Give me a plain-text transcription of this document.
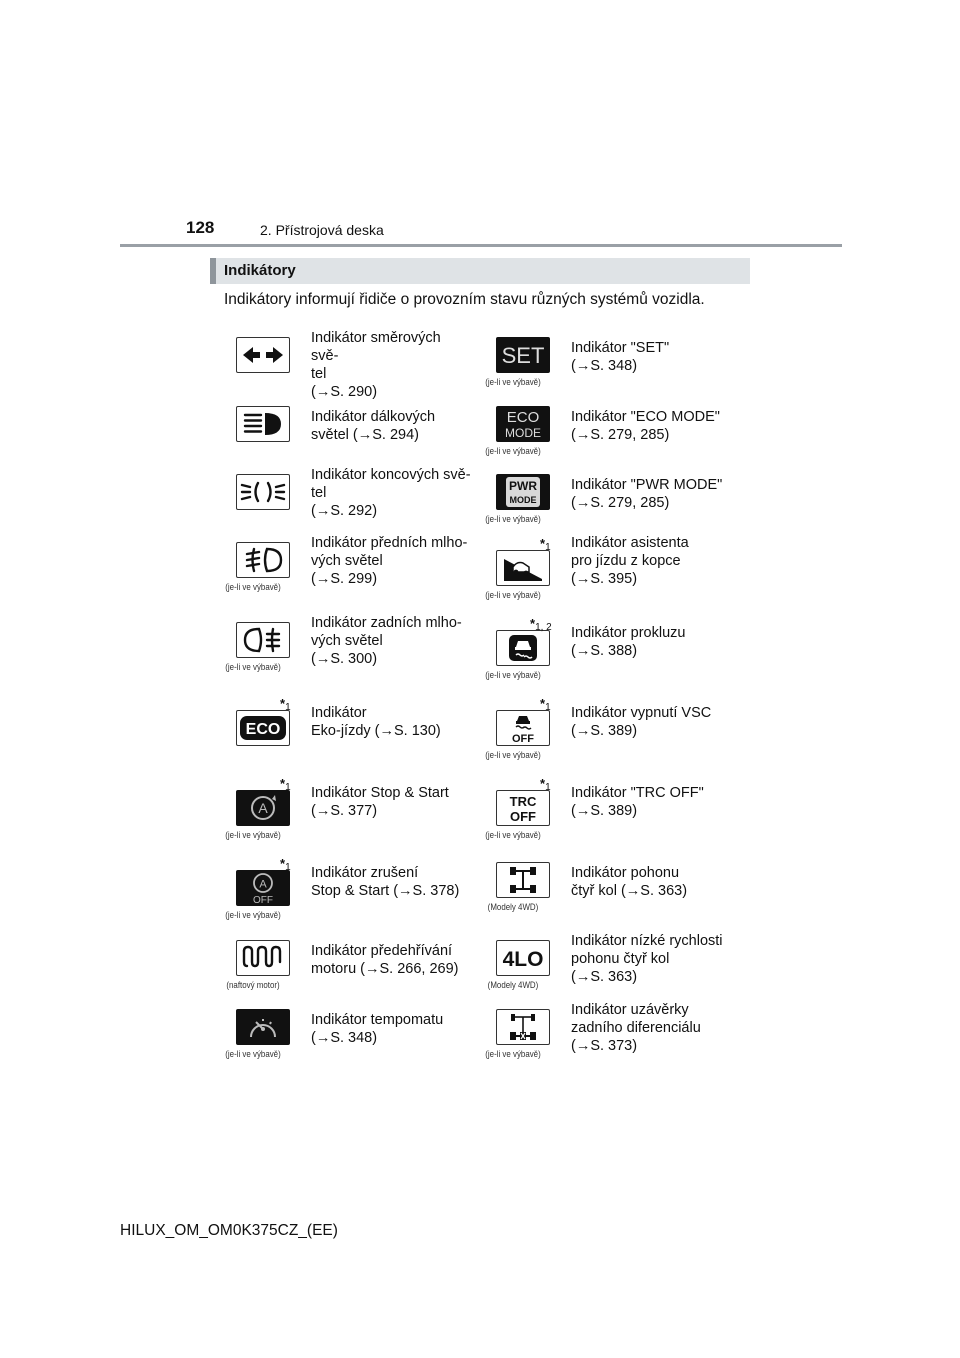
128	2. Přístrojová deska
Indikátory
Indikátory informují řidiče o provozním stavu různých systémů vozidla.
Indikátor směrových svě-
tel
(→S. 290)
Indikátor dálkových
světel (→S. 294)
Indikátor koncových svě-
tel
(→S. 292)
(je-li ve výbavě)
Indikátor předních mlho-
vých světel
(→S. 299)
(je-li ve výbavě)
Indikátor zadních mlho-
vých světel
(→S. 300)
ECO
$*_1$ Indikátor
Eko-jízdy (→S. 130)
A
$*_1$
(je-li ve výbavě)
Indikátor Stop & Start
(→S. 377)
A
OFF
$*_1$
(je-li ve výbavě)
Indikátor zrušení
Stop & Start (→S. 378)
(naftový motor)
Indikátor předehřívání
motoru (→S. 266, 269)
(je-li ve výbavě)
Indikátor tempomatu
(→S. 348)
SET
(je-li ve výbavě)
Indikátor "SET"
(→S. 348)
ECO
MODE
(je-li ve výbavě)
Indikátor "ECO MODE"
(→S. 279, 285)
PWR
MODE
(je-li ve výbavě)
Indikátor "PWR MODE"
(→S. 279, 285)
$*_1$
(je-li ve výbavě)
Indikátor asistenta
pro jízdu z kopce
(→S. 395)
$*_{1, 2}$
(je-li ve výbavě)
Indikátor prokluzu
(→S. 388)
OFF
$*_1$
(je-li ve výbavě)
Indikátor vypnutí VSC
(→S. 389)
TRC
OFF
$*_1$
(je-li ve výbavě)
Indikátor "TRC OFF"
(→S. 389)
(Modely 4WD)
Indikátor pohonu
čtyř kol (→S. 363)
4LO
(Modely 4WD)
Indikátor nízké rychlosti
pohonu čtyř kol
(→S. 363)
(je-li ve výbavě)
Indikátor uzávěrky
zadního diferenciálu
(→S. 373)
HILUX_OM_OM0K375CZ_(EE)
